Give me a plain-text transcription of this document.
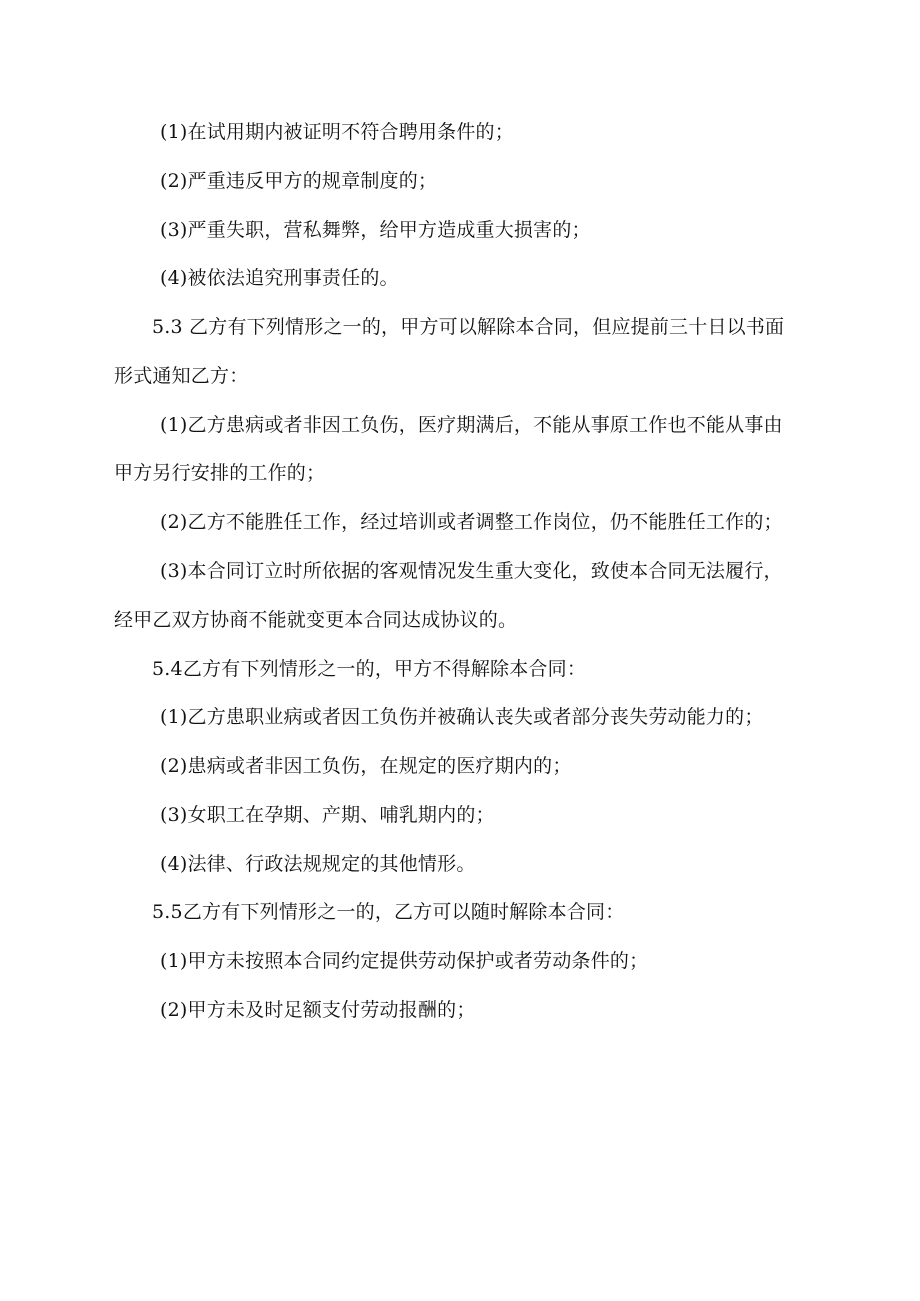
(1)在试用期内被证明不符合聘用条件的；
(2)严重违反甲方的规章制度的；
(3)严重失职，营私舞弊，给甲方造成重大损害的；
(4)被依法追究刑事责任的。
5.3 乙方有下列情形之一的，甲方可以解除本合同，但应提前三十日以书面
形式通知乙方：
(1)乙方患病或者非因工负伤，医疗期满后，不能从事原工作也不能从事由
甲方另行安排的工作的；
(2)乙方不能胜任工作，经过培训或者调整工作岗位，仍不能胜任工作的；
(3)本合同订立时所依据的客观情况发生重大变化，致使本合同无法履行，
经甲乙双方协商不能就变更本合同达成协议的。
5.4乙方有下列情形之一的，甲方不得解除本合同：
(1)乙方患职业病或者因工负伤并被确认丧失或者部分丧失劳动能力的；
(2)患病或者非因工负伤，在规定的医疗期内的；
(3)女职工在孕期、产期、哺乳期内的；
(4)法律、行政法规规定的其他情形。
5.5乙方有下列情形之一的，乙方可以随时解除本合同：
(1)甲方未按照本合同约定提供劳动保护或者劳动条件的；
(2)甲方未及时足额支付劳动报酬的；
